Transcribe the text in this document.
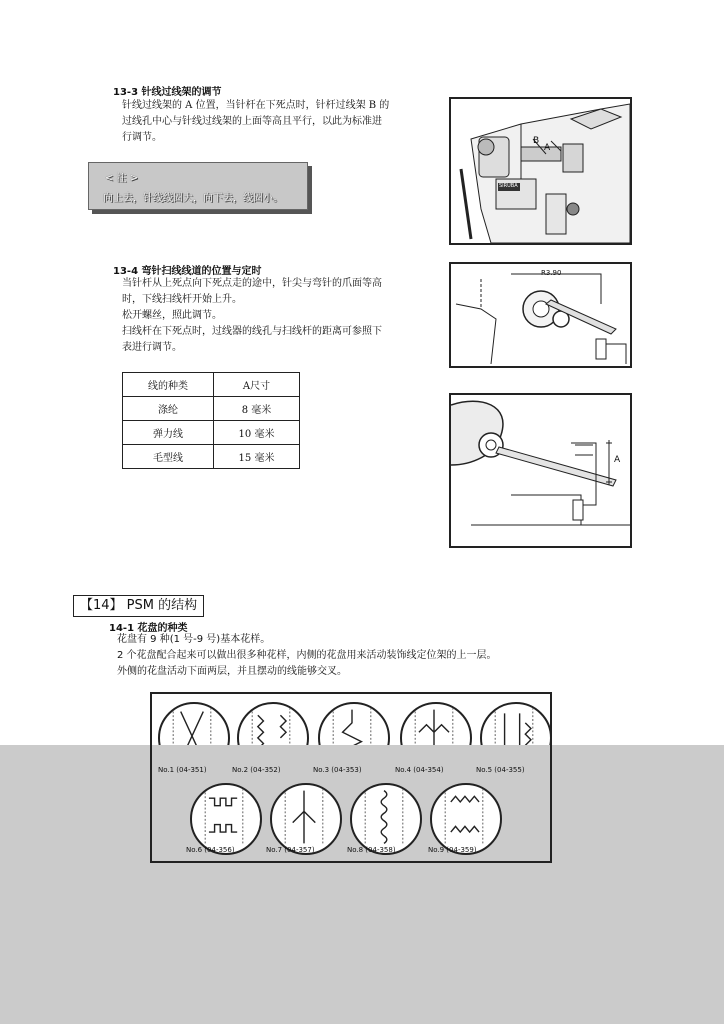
13-3 针线过线架的调节
针线过线架的 A 位置，当针杆在下死点时，针杆过线架 B 的
过线孔中心与针线过线架的上面等高且平行，以此为标准进
行调节。
< 注 >
向上去，针线线圈大，向下去，线圈小。
B
A
SIRUBA
13-4 弯针扫线线道的位置与定时
当针杆从上死点向下死点走的途中，针尖与弯针的爪面等高
时，下线扫线杆开始上升。
松开螺丝，照此调节。
扫线杆在下死点时，过线器的线孔与扫线杆的距离可参照下
表进行调节。
R3.90
A
线的种类	A尺寸
涤纶	8 毫米
弹力线	10 毫米
毛型线	15 毫米
【14】 PSM 的结构
14-1 花盘的种类
花盘有 9 种(1 号-9 号)基本花样。
2 个花盘配合起来可以做出很多种花样，内侧的花盘用来活动装饰线定位架的上一层。
外侧的花盘活动下面两层，并且摆动的线能够交叉。
No.1 (04-351)	No.2 (04-352)	No.3 (04-353)	No.4 (04-354)	No.5 (04-355)
No.6 (04-356)	No.7 (04-357)	No.8 (04-358)	No.9 (04-359)
